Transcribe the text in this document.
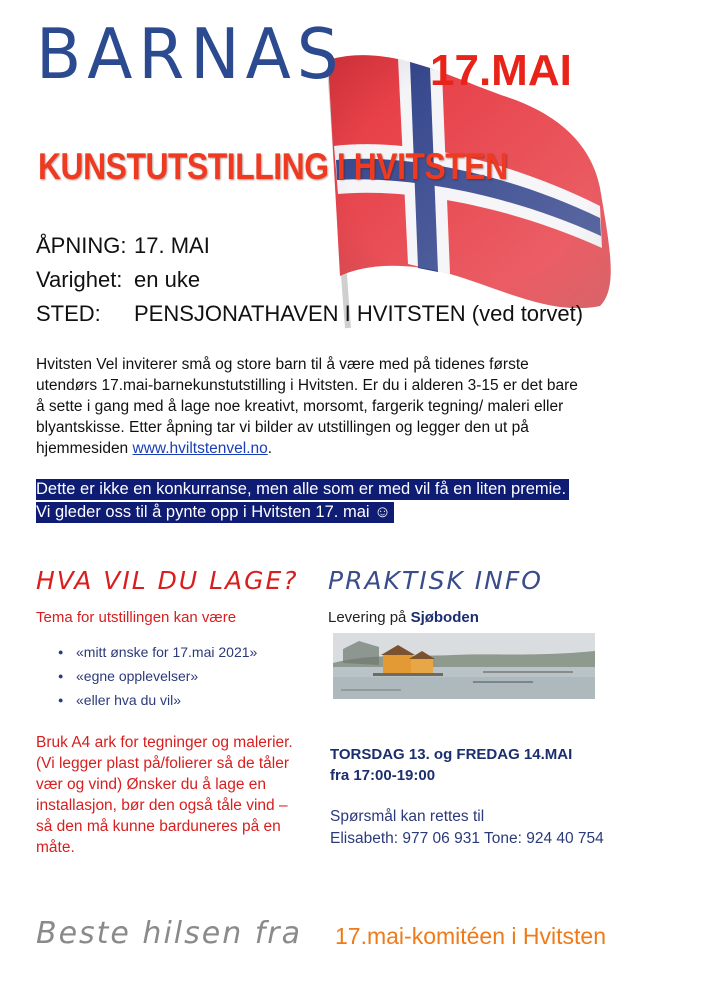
BARNAS 17.MAI
KUNSTUTSTILLING I HVITSTEN
ÅPNING: 17. MAI
Varighet: en uke
STED: PENSJONATHAVEN I HVITSTEN (ved torvet)
Hvitsten Vel inviterer små og store barn til å være med på tidenes første utendørs 17.mai-barnekunstutstilling i Hvitsten. Er du i alderen 3-15 er det bare å sette i gang med å lage noe kreativt, morsomt, fargerik tegning/ maleri eller blyantskisse. Etter åpning tar vi bilder av utstillingen og legger den ut på hjemmesiden www.hviltstenvel.no.
Dette er ikke en konkurranse, men alle som er med vil få en liten premie.
Vi gleder oss til å pynte opp i Hvitsten 17. mai ☺
HVA VIL DU LAGE?
Tema for utstillingen kan være
● «mitt ønske for 17.mai 2021»
● «egne opplevelser»
● «eller hva du vil»
Bruk A4 ark for tegninger og malerier. (Vi legger plast på/folierer så de tåler vær og vind) Ønsker du å lage en installasjon, bør den også tåle vind – så den må kunne barduneres på en måte.
PRAKTISK INFO
Levering på Sjøboden
TORSDAG 13. og FREDAG 14.MAI
fra 17:00-19:00
Spørsmål kan rettes til
Elisabeth: 977 06 931 Tone: 924 40 754
Beste hilsen fra 17.mai-komitéen i Hvitsten
